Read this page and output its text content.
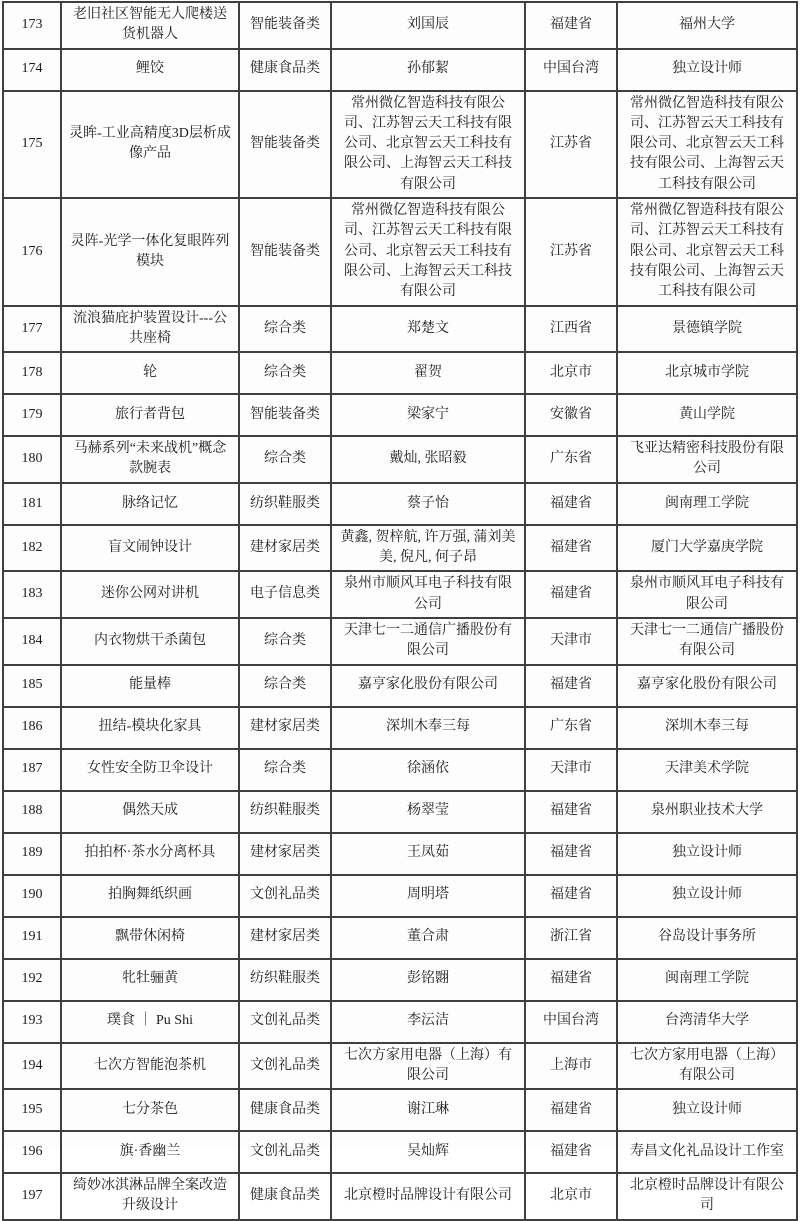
173	老旧社区智能无人爬楼送货机器人	智能装备类	刘国辰	福建省	福州大学
174	鲤饺	健康食品类	孙郁絜	中国台湾	独立设计师
175	灵眸-工业高精度3D层析成像产品	智能装备类	常州微亿智造科技有限公司、江苏智云天工科技有限公司、北京智云天工科技有限公司、上海智云天工科技有限公司	江苏省	常州微亿智造科技有限公司、江苏智云天工科技有限公司、北京智云天工科技有限公司、上海智云天工科技有限公司
176	灵阵-光学一体化复眼阵列模块	智能装备类	常州微亿智造科技有限公司、江苏智云天工科技有限公司、北京智云天工科技有限公司、上海智云天工科技有限公司	江苏省	常州微亿智造科技有限公司、江苏智云天工科技有限公司、北京智云天工科技有限公司、上海智云天工科技有限公司
177	流浪猫庇护装置设计---公共座椅	综合类	郑楚文	江西省	景德镇学院
178	轮	综合类	翟贺	北京市	北京城市学院
179	旅行者背包	智能装备类	梁家宁	安徽省	黄山学院
180	马赫系列“未来战机”概念款腕表	综合类	戴灿, 张昭毅	广东省	飞亚达精密科技股份有限公司
181	脉络记忆	纺织鞋服类	蔡子怡	福建省	闽南理工学院
182	盲文闹钟设计	建材家居类	黄鑫, 贺梓航, 许万强, 蒲刘美美, 倪凡, 何子昂	福建省	厦门大学嘉庚学院
183	迷你公网对讲机	电子信息类	泉州市顺风耳电子科技有限公司	福建省	泉州市顺风耳电子科技有限公司
184	内衣物烘干杀菌包	综合类	天津七一二通信广播股份有限公司	天津市	天津七一二通信广播股份有限公司
185	能量棒	综合类	嘉亨家化股份有限公司	福建省	嘉亨家化股份有限公司
186	扭结-模块化家具	建材家居类	深圳木奉三每	广东省	深圳木奉三每
187	女性安全防卫伞设计	综合类	徐涵依	天津市	天津美术学院
188	偶然天成	纺织鞋服类	杨翠莹	福建省	泉州职业技术大学
189	拍拍杯·茶水分离杯具	建材家居类	王凤茹	福建省	独立设计师
190	拍胸舞纸织画	文创礼品类	周明塔	福建省	独立设计师
191	飘带休闲椅	建材家居类	董合肃	浙江省	谷岛设计事务所
192	牝牡骊黄	纺织鞋服类	彭铭翾	福建省	闽南理工学院
193	璞食 ｜ Pu Shi	文创礼品类	李沄洁	中国台湾	台湾清华大学
194	七次方智能泡茶机	文创礼品类	七次方家用电器（上海）有限公司	上海市	七次方家用电器（上海）有限公司
195	七分茶色	健康食品类	谢江琳	福建省	独立设计师
196	旗·香幽兰	文创礼品类	吴灿辉	福建省	寿昌文化礼品设计工作室
197	绮妙冰淇淋品牌全案改造升级设计	健康食品类	北京橙时品牌设计有限公司	北京市	北京橙时品牌设计有限公司
